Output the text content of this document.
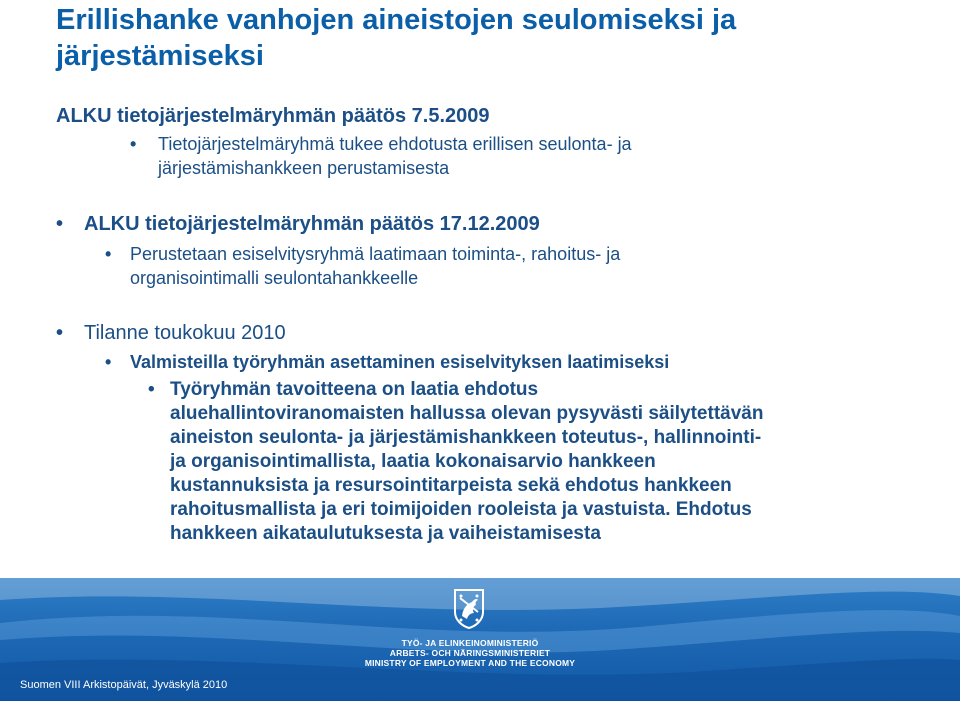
Erillishanke vanhojen aineistojen seulomiseksi ja järjestämiseksi
ALKU tietojärjestelmäryhmän päätös 7.5.2009
• Tietojärjestelmäryhmä tukee ehdotusta erillisen seulonta- ja
järjestämishankkeen perustamisesta
• ALKU tietojärjestelmäryhmän päätös 17.12.2009
• Perustetaan esiselvitysryhmä laatimaan toiminta-, rahoitus- ja
organisointimalli seulontahankkeelle
• Tilanne toukokuu 2010
• Valmisteilla työryhmän asettaminen esiselvityksen laatimiseksi
• Työryhmän tavoitteena on laatia ehdotus
aluehallintoviranomaisten hallussa olevan pysyvästi säilytettävän
aineiston seulonta- ja järjestämishankkeen toteutus-, hallinnointi-
ja organisointimallista, laatia kokonaisarvio hankkeen
kustannuksista ja resursointitarpeista sekä ehdotus hankkeen
rahoitusmallista ja eri toimijoiden rooleista ja vastuista. Ehdotus
hankkeen aikataulutuksesta ja vaiheistamisesta
TYÖ- JA ELINKEINOMINISTERIÖ
ARBETS- OCH NÄRINGSMINISTERIET
MINISTRY OF EMPLOYMENT AND THE ECONOMY
Suomen VIII Arkistopäivät, Jyväskylä 2010
